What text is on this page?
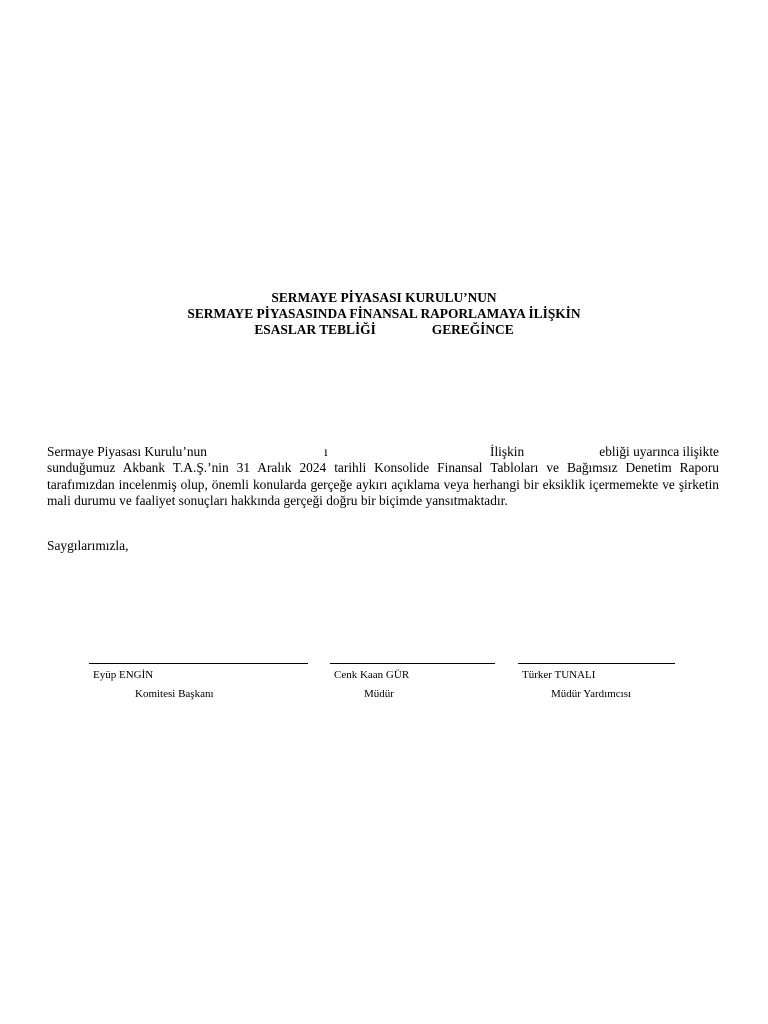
SERMAYE PİYASASI KURULU’NUN
SERMAYE PİYASASINDA FİNANSAL RAPORLAMAYA İLİŞKİN
ESASLAR TEBLİĞİ	GEREĞİNCE
Sermaye Piyasası Kurulu’nun	ı	İlişkin	ebliği uyarınca ilişikte
sunduğumuz Akbank T.A.Ş.’nin 31 Aralık 2024 tarihli Konsolide Finansal Tabloları ve Bağımsız Denetim Raporu tarafımızdan incelenmiş olup, önemli konularda gerçeğe aykırı açıklama veya herhangi bir eksiklik içermemekte ve şirketin mali durumu ve faaliyet sonuçları hakkında gerçeği doğru bir biçimde yansıtmaktadır.
Saygılarımızla,
Eyüp ENGİN	Cenk Kaan GÜR	Türker TUNALI
Komitesi Başkanı	Müdür	Müdür Yardımcısı
